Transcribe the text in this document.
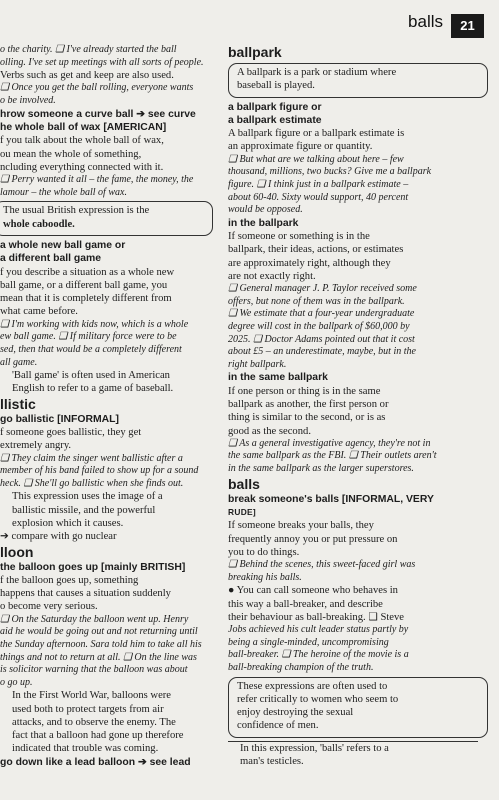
balls	21

o the charity. ❑ I've already started the ball

olling. I've set up meetings with all sorts of people.

Verbs such as get and keep are also used.

❑ Once you get the ball rolling, everyone wants

o be involved.

hrow someone a curve ball ➔ see curve

he whole ball of wax [AMERICAN]

f you talk about the whole ball of wax,

ou mean the whole of something,

ncluding everything connected with it.

❑ Perry wanted it all – the fame, the money, the

lamour – the whole ball of wax.

The usual British expression is the

whole caboodle.

a whole new ball game or

a different ball game

f you describe a situation as a whole new

ball game, or a different ball game, you

mean that it is completely different from

what came before.

❑ I'm working with kids now, which is a whole

ew ball game. ❑ If military force were to be

sed, then that would be a completely different

all game.

'Ball game' is often used in American

English to refer to a game of baseball.

llistic

go ballistic [INFORMAL]

f someone goes ballistic, they get

extremely angry.

❑ They claim the singer went ballistic after a

member of his band failed to show up for a sound

heck. ❑ She'll go ballistic when she finds out.

This expression uses the image of a

ballistic missile, and the powerful

explosion which it causes.

➔ compare with go nuclear

lloon

the balloon goes up [mainly BRITISH]

f the balloon goes up, something

happens that causes a situation suddenly

o become very serious.

❑ On the Saturday the balloon went up. Henry

aid he would be going out and not returning until

the Sunday afternoon. Sara told him to take all his

things and not to return at all. ❑ On the line was

is solicitor warning that the balloon was about

o go up.

In the First World War, balloons were

used both to protect targets from air

attacks, and to observe the enemy. The

fact that a balloon had gone up therefore

indicated that trouble was coming.

go down like a lead balloon ➔ see lead

ballpark

A ballpark is a park or stadium where

baseball is played.

a ballpark figure or

a ballpark estimate

A ballpark figure or a ballpark estimate is

an approximate figure or quantity.

❑ But what are we talking about here – few

thousand, millions, two bucks? Give me a ballpark

figure. ❑ I think just in a ballpark estimate –

about 60-40. Sixty would support, 40 percent

would be opposed.

in the ballpark

If someone or something is in the

ballpark, their ideas, actions, or estimates

are approximately right, although they

are not exactly right.

❑ General manager J. P. Taylor received some

offers, but none of them was in the ballpark.

❑ We estimate that a four-year undergraduate

degree will cost in the ballpark of $60,000 by

2025. ❑ Doctor Adams pointed out that it cost

about £5 – an underestimate, maybe, but in the

right ballpark.

in the same ballpark

If one person or thing is in the same

ballpark as another, the first person or

thing is similar to the second, or is as

good as the second.

❑ As a general investigative agency, they're not in

the same ballpark as the FBI. ❑ Their outlets aren't

in the same ballpark as the larger superstores.

balls

break someone's balls [INFORMAL, VERY

RUDE]

If someone breaks your balls, they

frequently annoy you or put pressure on

you to do things.

❑ Behind the scenes, this sweet-faced girl was

breaking his balls.

● You can call someone who behaves in

this way a ball-breaker, and describe

their behaviour as ball-breaking. ❑ Steve

Jobs achieved his cult leader status partly by

being a single-minded, uncompromising

ball-breaker. ❑ The heroine of the movie is a

ball-breaking champion of the truth.

These expressions are often used to

refer critically to women who seem to

enjoy destroying the sexual

confidence of men.

In this expression, 'balls' refers to a

man's testicles.
